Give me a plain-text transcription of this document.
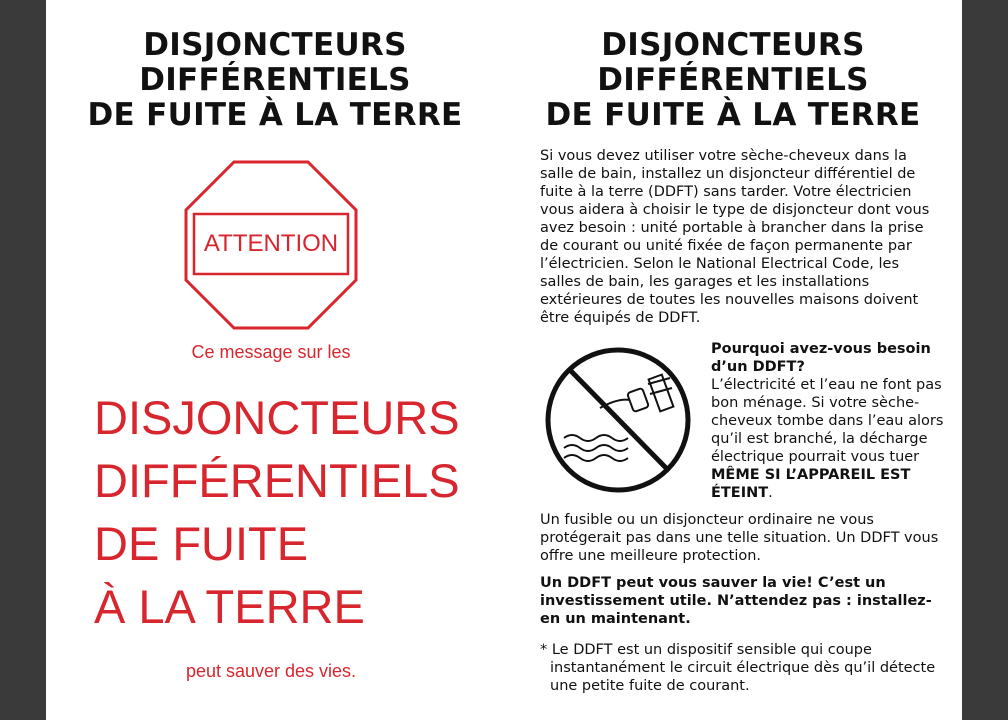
DISJONCTEURS
DIFFÉRENTIELS
DE FUITE À LA TERRE
ATTENTION
Ce message sur les
DISJONCTEURS
DIFFÉRENTIELS
DE FUITE
À LA TERRE
peut sauver des vies.
DISJONCTEURS
DIFFÉRENTIELS
DE FUITE À LA TERRE

Si vous devez utiliser votre sèche-cheveux dans la salle de bain, installez un disjoncteur différentiel de fuite à la terre (DDFT) sans tarder. Votre électricien vous aidera à choisir le type de disjoncteur dont vous avez besoin : unité portable à brancher dans la prise de courant ou unité fixée de façon permanente par l’électricien. Selon le National Electrical Code, les salles de bain, les garages et les installations extérieures de toutes les nouvelles maisons doivent être équipés de DDFT.

Pourquoi avez-vous besoin d’un DDFT?
L’électricité et l’eau ne font pas bon ménage. Si votre sèche-cheveux tombe dans l’eau alors qu’il est branché, la décharge électrique pourrait vous tuer MÊME SI L’APPAREIL EST ÉTEINT.

Un fusible ou un disjoncteur ordinaire ne vous protégerait pas dans une telle situation. Un DDFT vous offre une meilleure protection.

Un DDFT peut vous sauver la vie! C’est un investissement utile. N’attendez pas : installez-en un maintenant.

* Le DDFT est un dispositif sensible qui coupe instantanément le circuit électrique dès qu’il détecte une petite fuite de courant.
